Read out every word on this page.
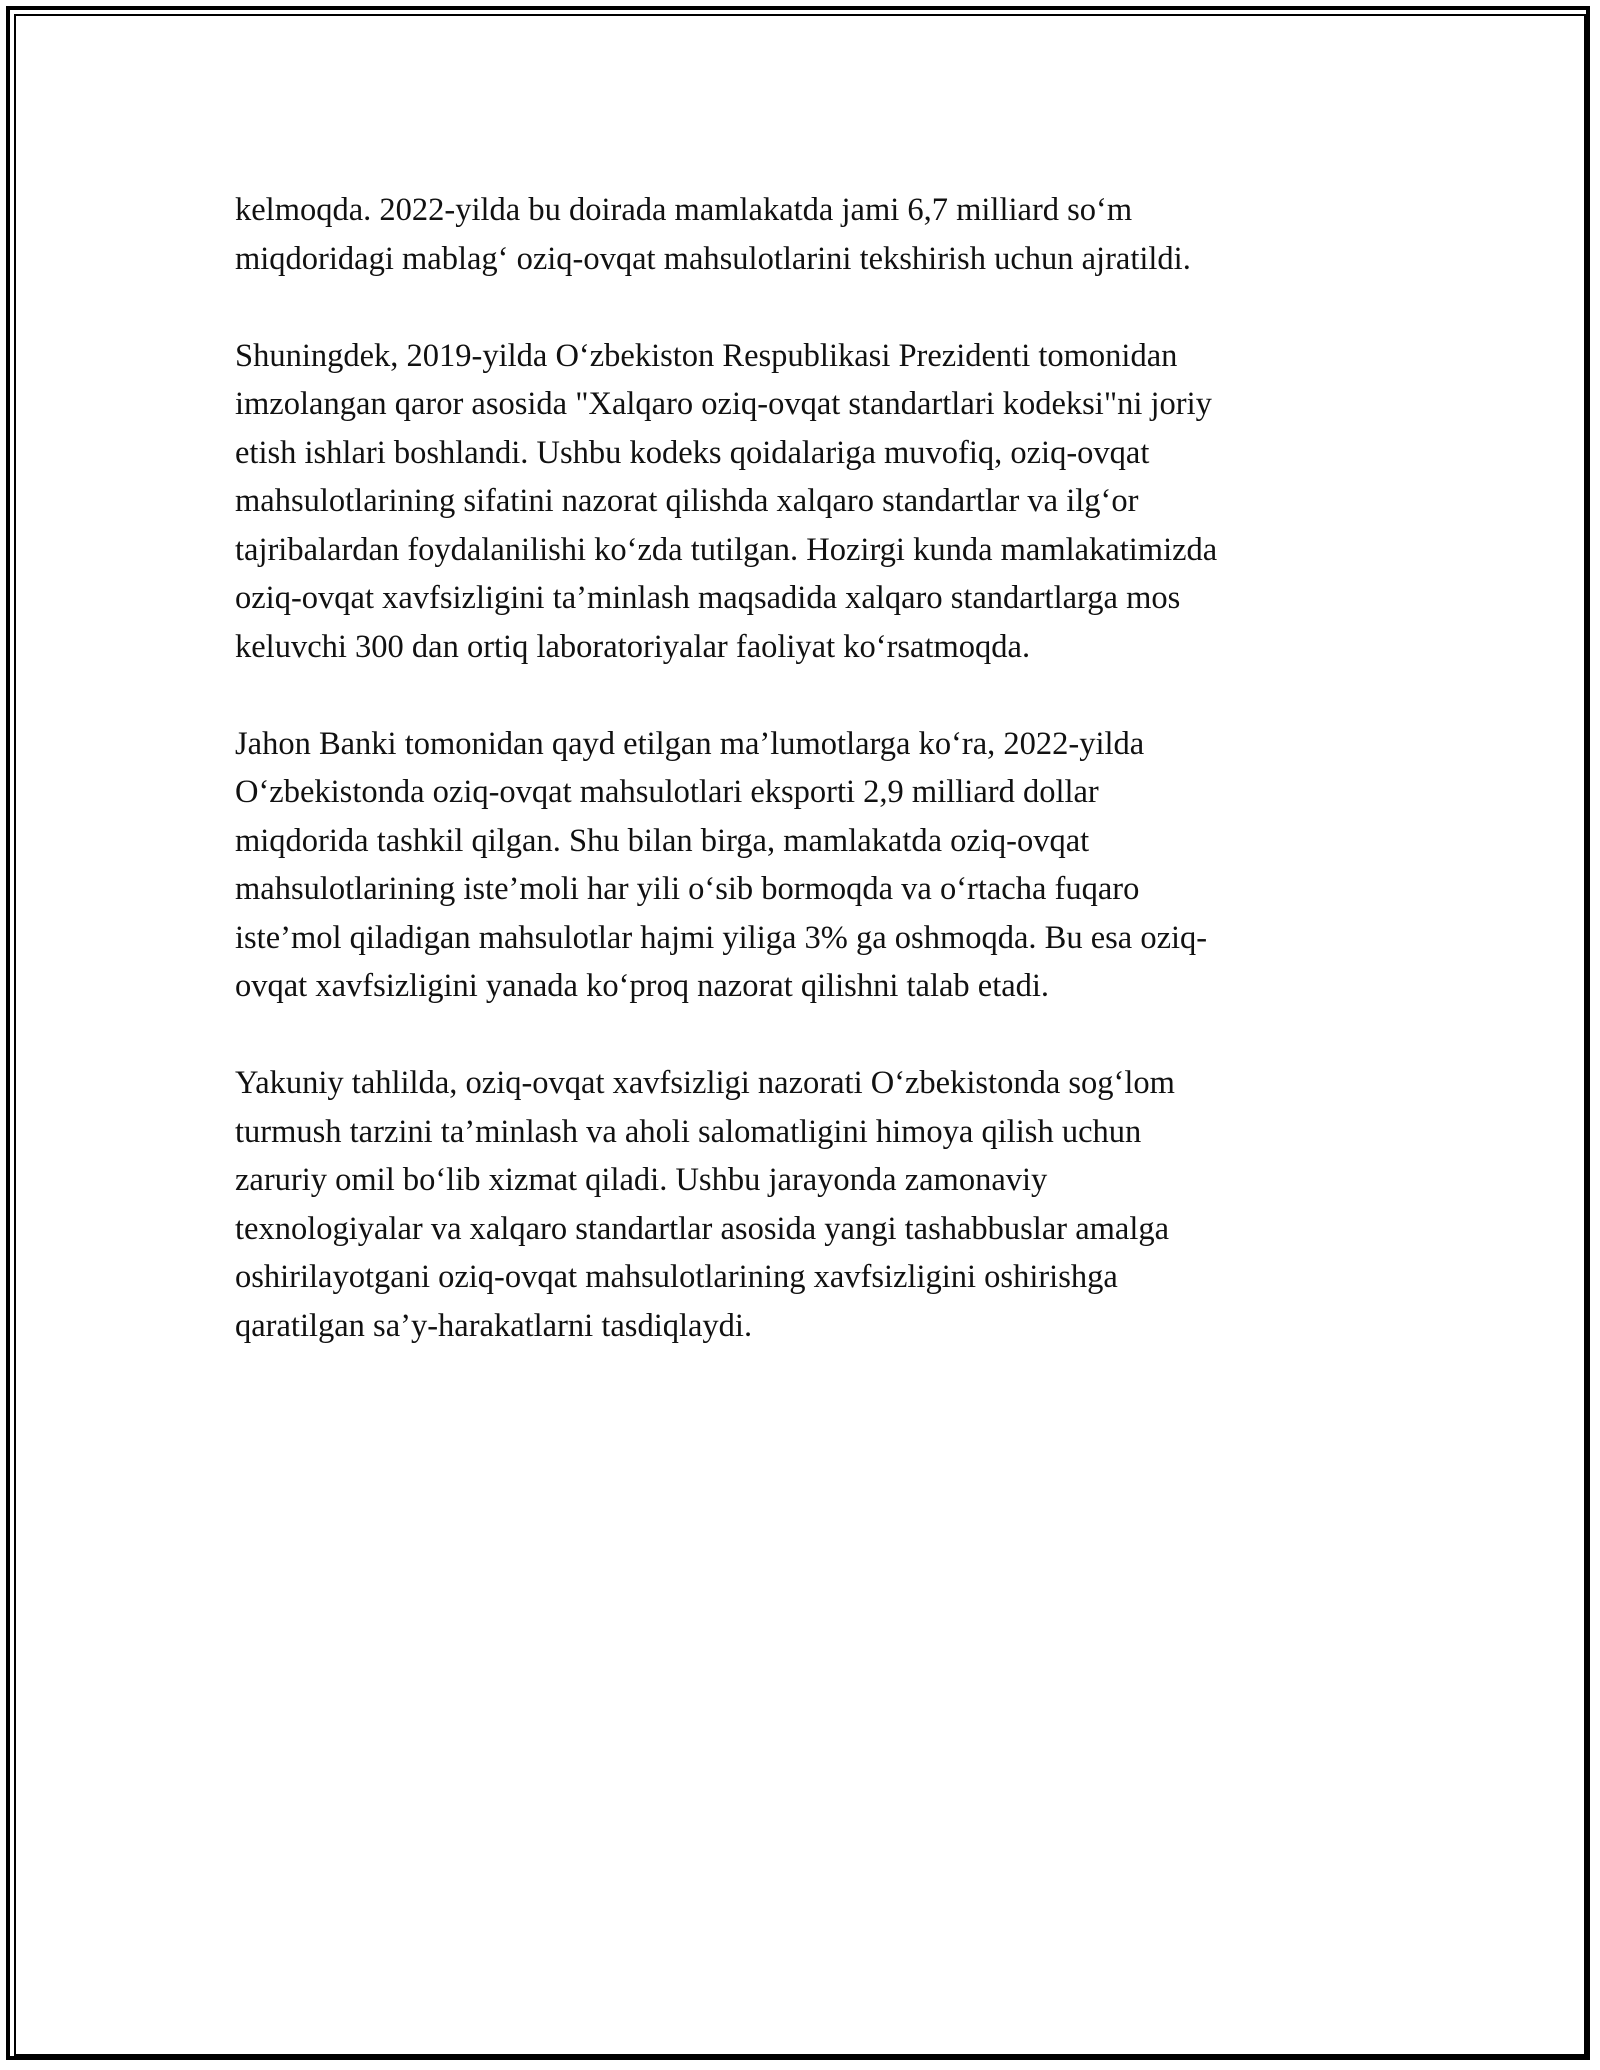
kelmoqda. 2022-yilda bu doirada mamlakatda jami 6,7 milliard so‘m
miqdoridagi mablag‘ oziq-ovqat mahsulotlarini tekshirish uchun ajratildi.

Shuningdek, 2019-yilda O‘zbekiston Respublikasi Prezidenti tomonidan
imzolangan qaror asosida "Xalqaro oziq-ovqat standartlari kodeksi"ni joriy
etish ishlari boshlandi. Ushbu kodeks qoidalariga muvofiq, oziq-ovqat
mahsulotlarining sifatini nazorat qilishda xalqaro standartlar va ilg‘or
tajribalardan foydalanilishi ko‘zda tutilgan. Hozirgi kunda mamlakatimizda
oziq-ovqat xavfsizligini ta’minlash maqsadida xalqaro standartlarga mos
keluvchi 300 dan ortiq laboratoriyalar faoliyat ko‘rsatmoqda.

Jahon Banki tomonidan qayd etilgan ma’lumotlarga ko‘ra, 2022-yilda
O‘zbekistonda oziq-ovqat mahsulotlari eksporti 2,9 milliard dollar
miqdorida tashkil qilgan. Shu bilan birga, mamlakatda oziq-ovqat
mahsulotlarining iste’moli har yili o‘sib bormoqda va o‘rtacha fuqaro
iste’mol qiladigan mahsulotlar hajmi yiliga 3% ga oshmoqda. Bu esa oziq-
ovqat xavfsizligini yanada ko‘proq nazorat qilishni talab etadi.

Yakuniy tahlilda, oziq-ovqat xavfsizligi nazorati O‘zbekistonda sog‘lom
turmush tarzini ta’minlash va aholi salomatligini himoya qilish uchun
zaruriy omil bo‘lib xizmat qiladi. Ushbu jarayonda zamonaviy
texnologiyalar va xalqaro standartlar asosida yangi tashabbuslar amalga
oshirilayotgani oziq-ovqat mahsulotlarining xavfsizligini oshirishga
qaratilgan sa’y-harakatlarni tasdiqlaydi.
